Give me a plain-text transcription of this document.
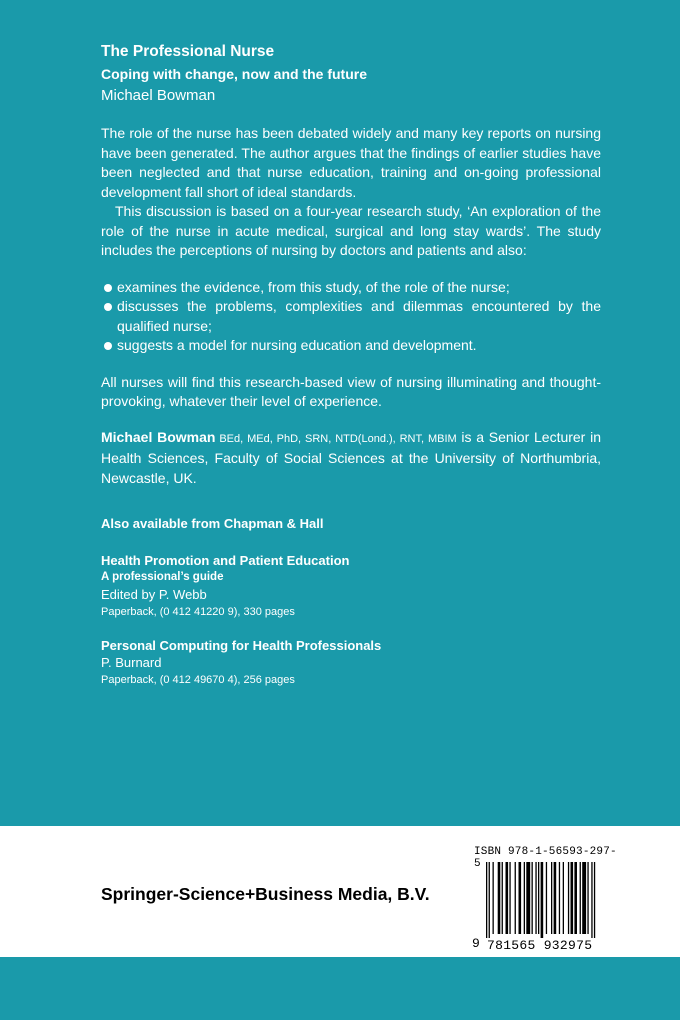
The Professional Nurse
Coping with change, now and the future
Michael Bowman

The role of the nurse has been debated widely and many key reports on nursing have been generated. The author argues that the findings of earlier studies have been neglected and that nurse education, training and on-going professional development fall short of ideal standards.

This discussion is based on a four-year research study, ‘An exploration of the role of the nurse in acute medical, surgical and long stay wards’. The study includes the perceptions of nursing by doctors and patients and also:

examines the evidence, from this study, of the role of the nurse;
discusses the problems, complexities and dilemmas encountered by the qualified nurse;
suggests a model for nursing education and development.

All nurses will find this research-based view of nursing illuminating and thought-provoking, whatever their level of experience.

Michael Bowman BEd, MEd, PhD, SRN, NTD(Lond.), RNT, MBIM is a Senior Lecturer in Health Sciences, Faculty of Social Sciences at the University of Northumbria, Newcastle, UK.

Also available from Chapman & Hall
Health Promotion and Patient Education
A professional’s guide
Edited by P. Webb
Paperback, (0 412 41220 9), 330 pages
Personal Computing for Health Professionals
P. Burnard
Paperback, (0 412 49670 4), 256 pages
Springer-Science+Business Media, B.V.
ISBN 978-1-56593-297-5
9 781565 932975
